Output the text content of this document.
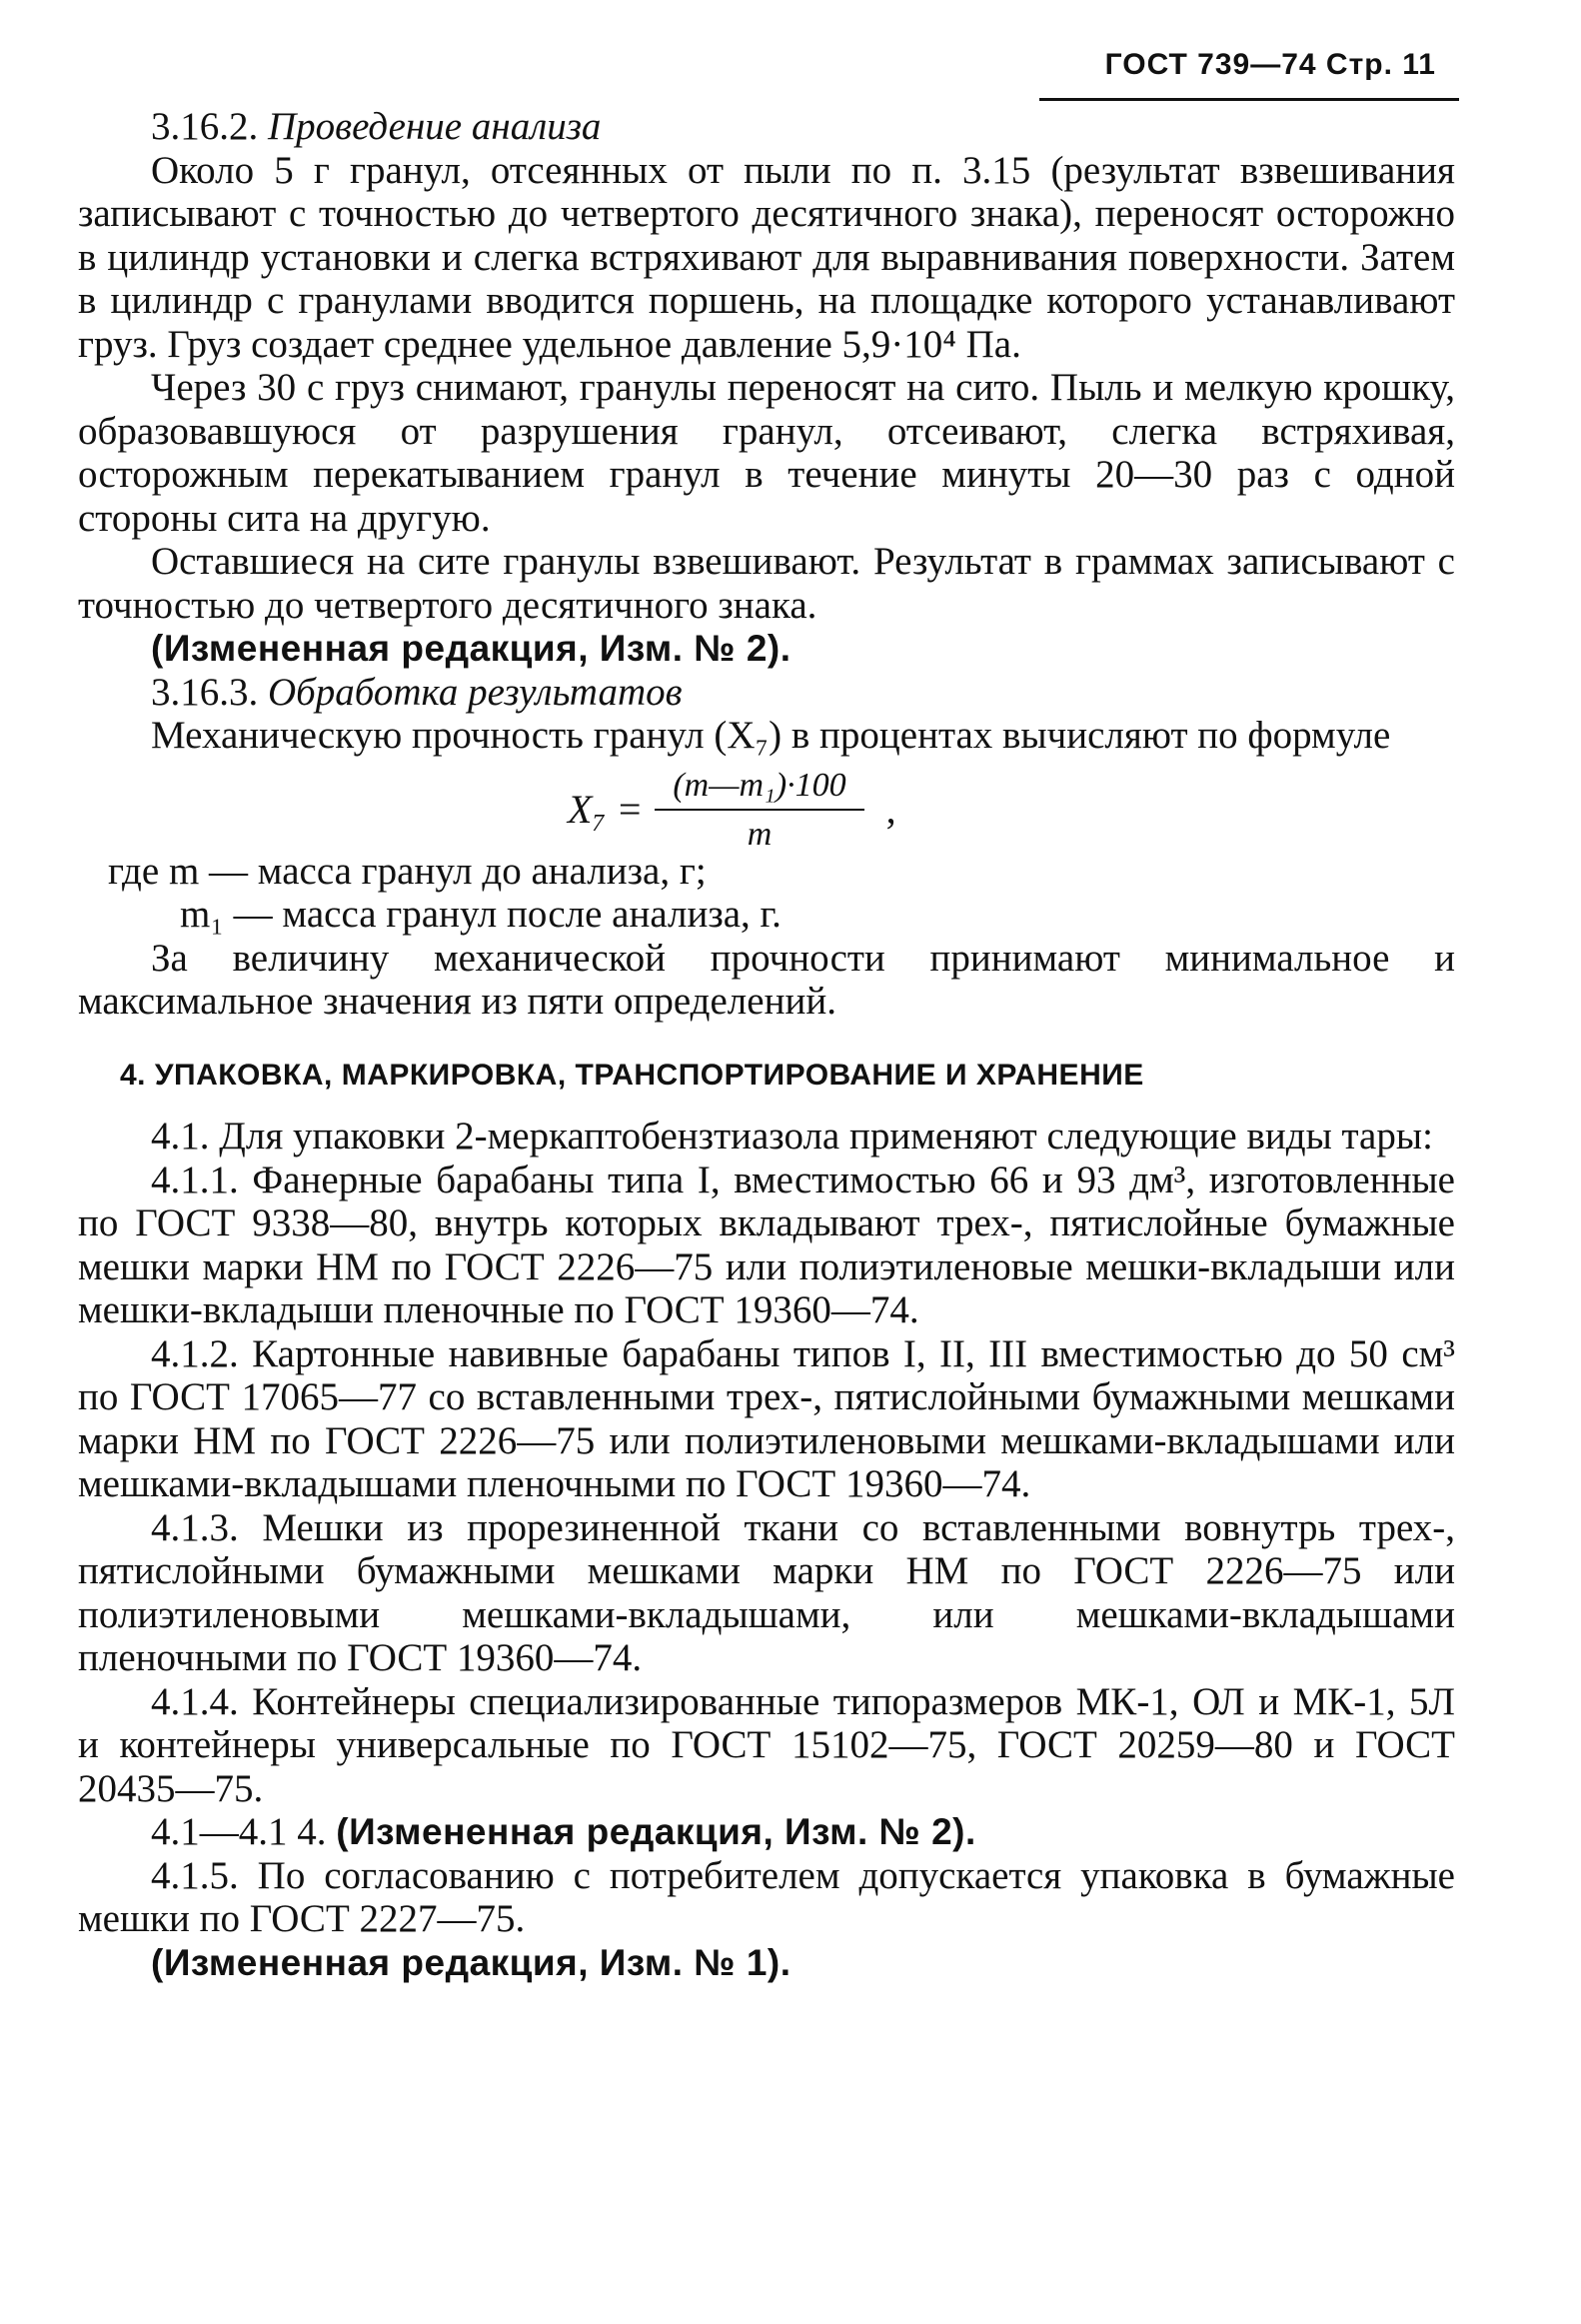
ГОСТ 739—74 Стр. 11

3.16.2. Проведение анализа

Около 5 г гранул, отсеянных от пыли по п. 3.15 (результат взвешивания записывают с точностью до четвертого десятичного знака), переносят осторожно в цилиндр установки и слегка встряхивают для выравнивания поверхности. Затем в цилиндр с гранулами вводится поршень, на площадке которого устанавливают груз. Груз создает среднее удельное давление 5,9·10⁴ Па.

Через 30 с груз снимают, гранулы переносят на сито. Пыль и мелкую крошку, образовавшуюся от разрушения гранул, отсеивают, слегка встряхивая, осторожным перекатыванием гранул в течение минуты 20—30 раз с одной стороны сита на другую.

Оставшиеся на сите гранулы взвешивают. Результат в граммах записывают с точностью до четвертого десятичного знака.

(Измененная редакция, Изм. № 2).

3.16.3. Обработка результатов

Механическую прочность гранул (X₇) в процентах вычисляют по формуле

$X_7 = \frac{\text{(m—m₁)·100}}{m}$ ,

где m — масса гранул до анализа, г;

m₁ — масса гранул после анализа, г.

За величину механической прочности принимают минимальное и максимальное значения из пяти определений.

4. УПАКОВКА, МАРКИРОВКА, ТРАНСПОРТИРОВАНИЕ И ХРАНЕНИЕ

4.1. Для упаковки 2-меркаптобензтиазола применяют следующие виды тары:

4.1.1. Фанерные барабаны типа I, вместимостью 66 и 93 дм³, изготовленные по ГОСТ 9338—80, внутрь которых вкладывают трех-, пятислойные бумажные мешки марки НМ по ГОСТ 2226—75 или полиэтиленовые мешки-вкладыши или мешки-вкладыши пленочные по ГОСТ 19360—74.

4.1.2. Картонные навивные барабаны типов I, II, III вместимостью до 50 см³ по ГОСТ 17065—77 со вставленными трех-, пятислойными бумажными мешками марки НМ по ГОСТ 2226—75 или полиэтиленовыми мешками-вкладышами или мешками-вкладышами пленочными по ГОСТ 19360—74.

4.1.3. Мешки из прорезиненной ткани со вставленными вовнутрь трех-, пятислойными бумажными мешками марки НМ по ГОСТ 2226—75 или полиэтиленовыми мешками-вкладышами, или мешками-вкладышами пленочными по ГОСТ 19360—74.

4.1.4. Контейнеры специализированные типоразмеров МК-1, ОЛ и МК-1, 5Л и контейнеры универсальные по ГОСТ 15102—75, ГОСТ 20259—80 и ГОСТ 20435—75.

4.1—4.1 4. (Измененная редакция, Изм. № 2).

4.1.5. По согласованию с потребителем допускается упаковка в бумажные мешки по ГОСТ 2227—75.

(Измененная редакция, Изм. № 1).
